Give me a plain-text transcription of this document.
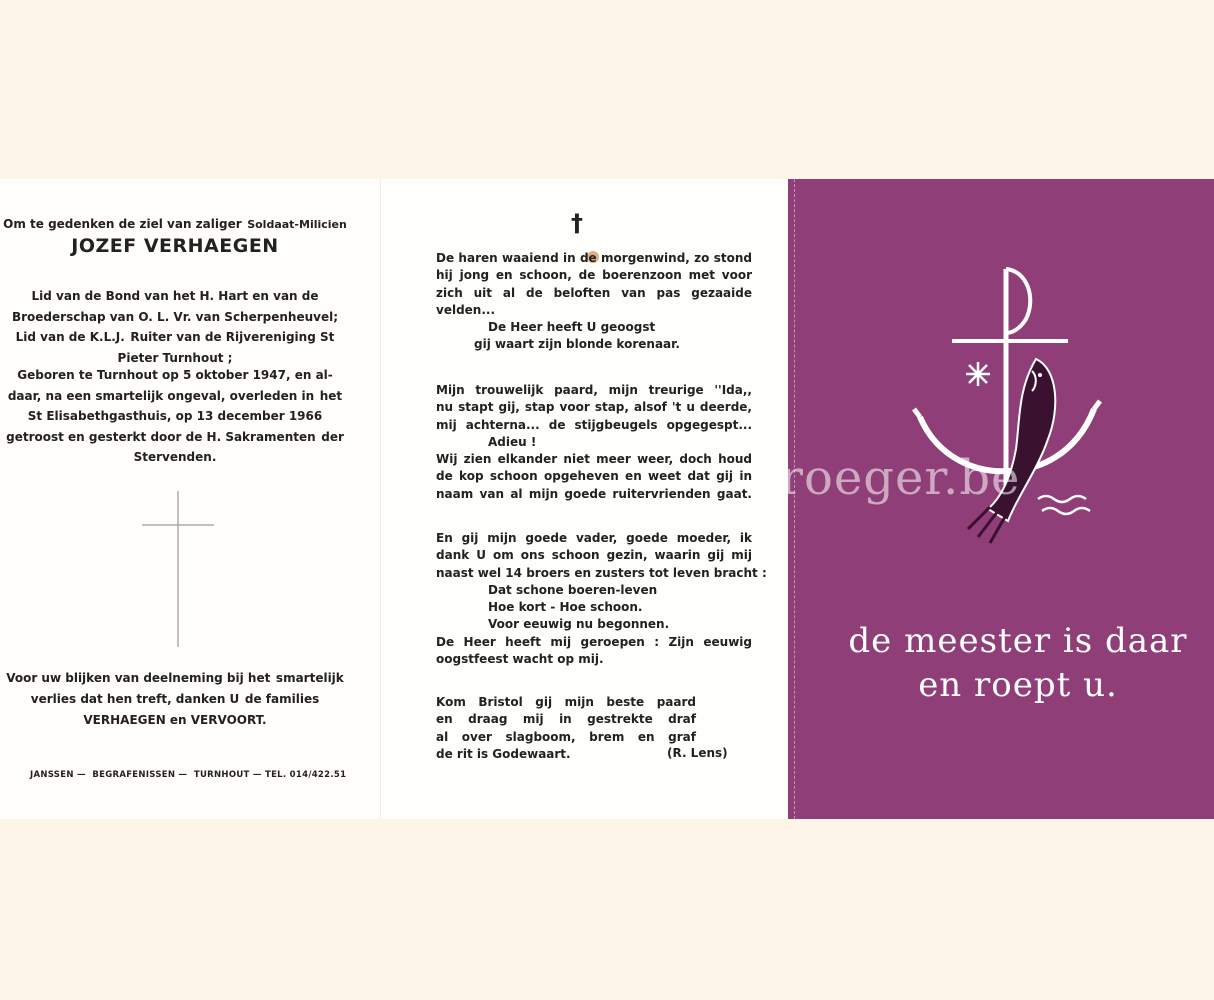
Om te gedenken de ziel van zaliger Soldaat-Milicien JOZEF VERHAEGEN
Lid van de Bond van het H. Hart en van de Broederschap van O. L. Vr. van Scherpenheuvel; Lid van de K.L.J. Ruiter van de Rijvereniging St Pieter Turnhout ;
Geboren te Turnhout op 5 oktober 1947, en al- daar, na een smartelijk ongeval, overleden in het St Elisabethgasthuis, op 13 december 1966 getroost en gesterkt door de H. Sakramenten der Stervenden.
Voor uw blijken van deelneming bij het smartelijk verlies dat hen treft, danken U de families VERHAEGEN en VERVOORT.
JANSSEN —  BEGRAFENISSEN —  TURNHOUT — TEL. 014/422.51
†
De haren waaiend in de morgenwind, zo stond
hij jong en schoon, de boerenzoon met voor
zich uit al de beloften van pas gezaaide
velden...
De Heer heeft U geoogst
gij waart zijn blonde korenaar.
Mijn trouwelijk paard, mijn treurige ''Ida,,
nu stapt gij, stap voor stap, alsof 't u deerde,
mij achterna... de stijgbeugels opgegespt...
Adieu !
Wij zien elkander niet meer weer, doch houd
de kop schoon opgeheven en weet dat gij in
naam van al mijn goede ruitervrienden gaat.
En gij mijn goede vader, goede moeder, ik
dank U om ons schoon gezin, waarin gij mij
naast wel 14 broers en zusters tot leven bracht :
Dat schone boeren-leven
Hoe kort - Hoe schoon.
Voor eeuwig nu begonnen.
De Heer heeft mij geroepen : Zijn eeuwig
oogstfeest wacht op mij.
Kom Bristol gij mijn beste paard
en draag mij in gestrekte draf
al over slagboom, brem en graf
de rit is Godewaart.	(R. Lens)
de meester is daar
en roept u.
roeger.be
